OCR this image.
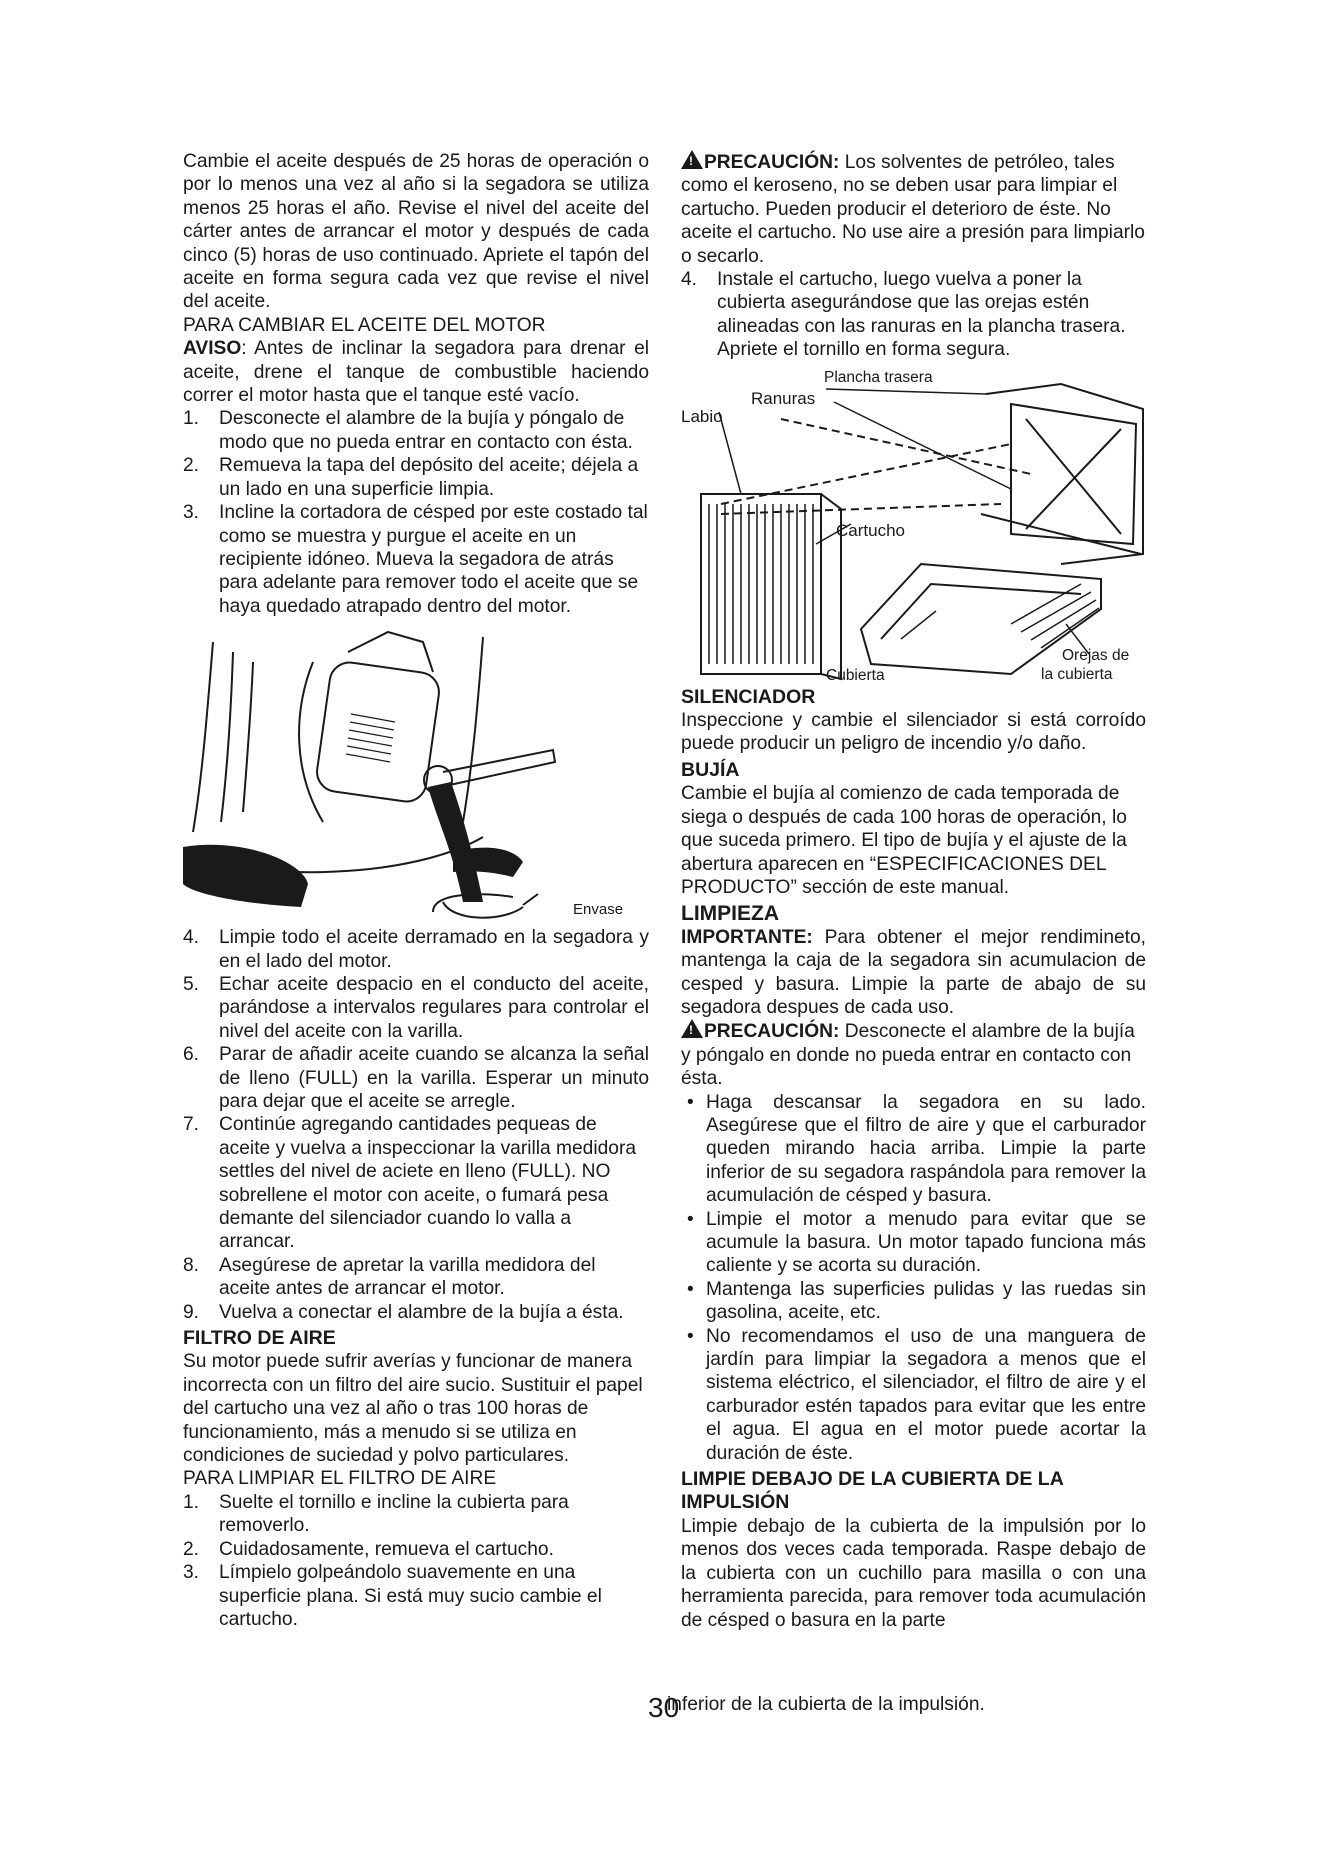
Cambie el aceite después de 25 horas de operación o por lo menos una vez al año si la segadora se utiliza menos 25 horas el año. Revise el nivel del aceite del cárter antes de arrancar el motor y después de cada cinco (5) horas de uso continuado. Apriete el tapón del aceite en forma segura cada vez que revise el nivel del aceite.

PARA CAMBIAR EL ACEITE DEL MOTOR

AVISO: Antes de inclinar la segadora para drenar el aceite, drene el tanque de combustible haciendo correr el motor hasta que el tanque esté vacío.

1.	Desconecte el alambre de la bujía y póngalo de modo que no pueda entrar en contacto con ésta.
2.	Remueva la tapa del depósito del aceite; déjela a un lado en una superficie limpia.
3.	Incline la cortadora de césped por este costado tal como se muestra y purgue el aceite en un recipiente idóneo. Mueva la segadora de atrás para adelante para remover todo el aceite que se haya quedado atrapado dentro del motor.
Envase
4.	Limpie todo el aceite derramado en la segadora y en el lado del motor.
5.	Echar aceite despacio en el conducto del aceite, parándose a intervalos regulares para controlar el nivel del aceite con la varilla.
6.	Parar de añadir aceite cuando se alcanza la señal de lleno (FULL) en la varilla. Esperar un minuto para dejar que el aceite se arregle.
7.	Continúe agregando cantidades pequeas de aceite y vuelva a inspeccionar la varilla medidora settles del nivel de aciete en lleno (FULL). NO sobrellene el motor con aceite, o fumará pesa demante del silenciador cuando lo valla a arrancar.
8.	Asegúrese de apretar la varilla medidora del aceite antes de arrancar el motor.
9.	Vuelva a conectar el alambre de la bujía a ésta.

FILTRO DE AIRE

Su motor puede sufrir averías y funcionar de manera incorrecta con un filtro del aire sucio. Sustituir el papel del cartucho una vez al año o tras 100 horas de funcionamiento, más a menudo si se utiliza en condiciones de suciedad y polvo particulares.

PARA LIMPIAR EL FILTRO DE AIRE

1.	Suelte el tornillo e incline la cubierta para removerlo.
2.	Cuidadosamente, remueva el cartucho.
3.	Límpielo golpeándolo suavemente en una superficie plana. Si está muy sucio cambie el cartucho.

!PRECAUCIÓN: Los solventes de petróleo, tales como el keroseno, no se deben usar para limpiar el cartucho. Pueden producir el deterioro de éste. No aceite el cartucho. No use aire a presión para limpiarlo o secarlo.

4.	Instale el cartucho, luego vuelva a poner la cubierta asegurándose que las orejas estén alineadas con las ranuras en la plancha trasera. Apriete el tornillo en forma segura.
Plancha trasera
Ranuras
Labio
Cartucho
Cubierta
Orejas de
la cubierta

SILENCIADOR

Inspeccione y cambie el silenciador si está corroído puede producir un peligro de incendio y/o daño.

BUJÍA

Cambie el bujía al comienzo de cada temporada de siega o después de cada 100 horas de operación, lo que suceda primero. El tipo de bujía y el ajuste de la abertura aparecen en “ESPECIFICACIONES DEL PRODUCTO” sección de este manual.

LIMPIEZA

IMPORTANTE: Para obtener el mejor rendimineto, mantenga la caja de la segadora sin acumulacion de cesped y basura. Limpie la parte de abajo de su segadora despues de cada uso.

!PRECAUCIÓN: Desconecte el alambre de la bujía y póngalo en donde no pueda entrar en contacto con ésta.

• Haga descansar la segadora en su lado. Asegúrese que el filtro de aire y que el carburador queden mirando hacia arriba. Limpie la parte inferior de su segadora raspándola para remover la acumulación de césped y basura.
• Limpie el motor a menudo para evitar que se acumule la basura. Un motor tapado funciona más caliente y se acorta su duración.
• Mantenga las superficies pulidas y las ruedas sin gasolina, aceite, etc.
• No recomendamos el uso de una manguera de jardín para limpiar la segadora a menos que el sistema eléctrico, el silenciador, el filtro de aire y el carburador estén tapados para evitar que les entre el agua. El agua en el motor puede acortar la duración de éste.

LIMPIE DEBAJO DE LA CUBIERTA DE LA IMPULSIÓN

Limpie debajo de la cubierta de la impulsión por lo menos dos veces cada temporada. Raspe debajo de la cubierta con un cuchillo para masilla o con una herramienta parecida, para remover toda acumulación de césped o basura en la parte

30
inferior de la cubierta de la impulsión.
